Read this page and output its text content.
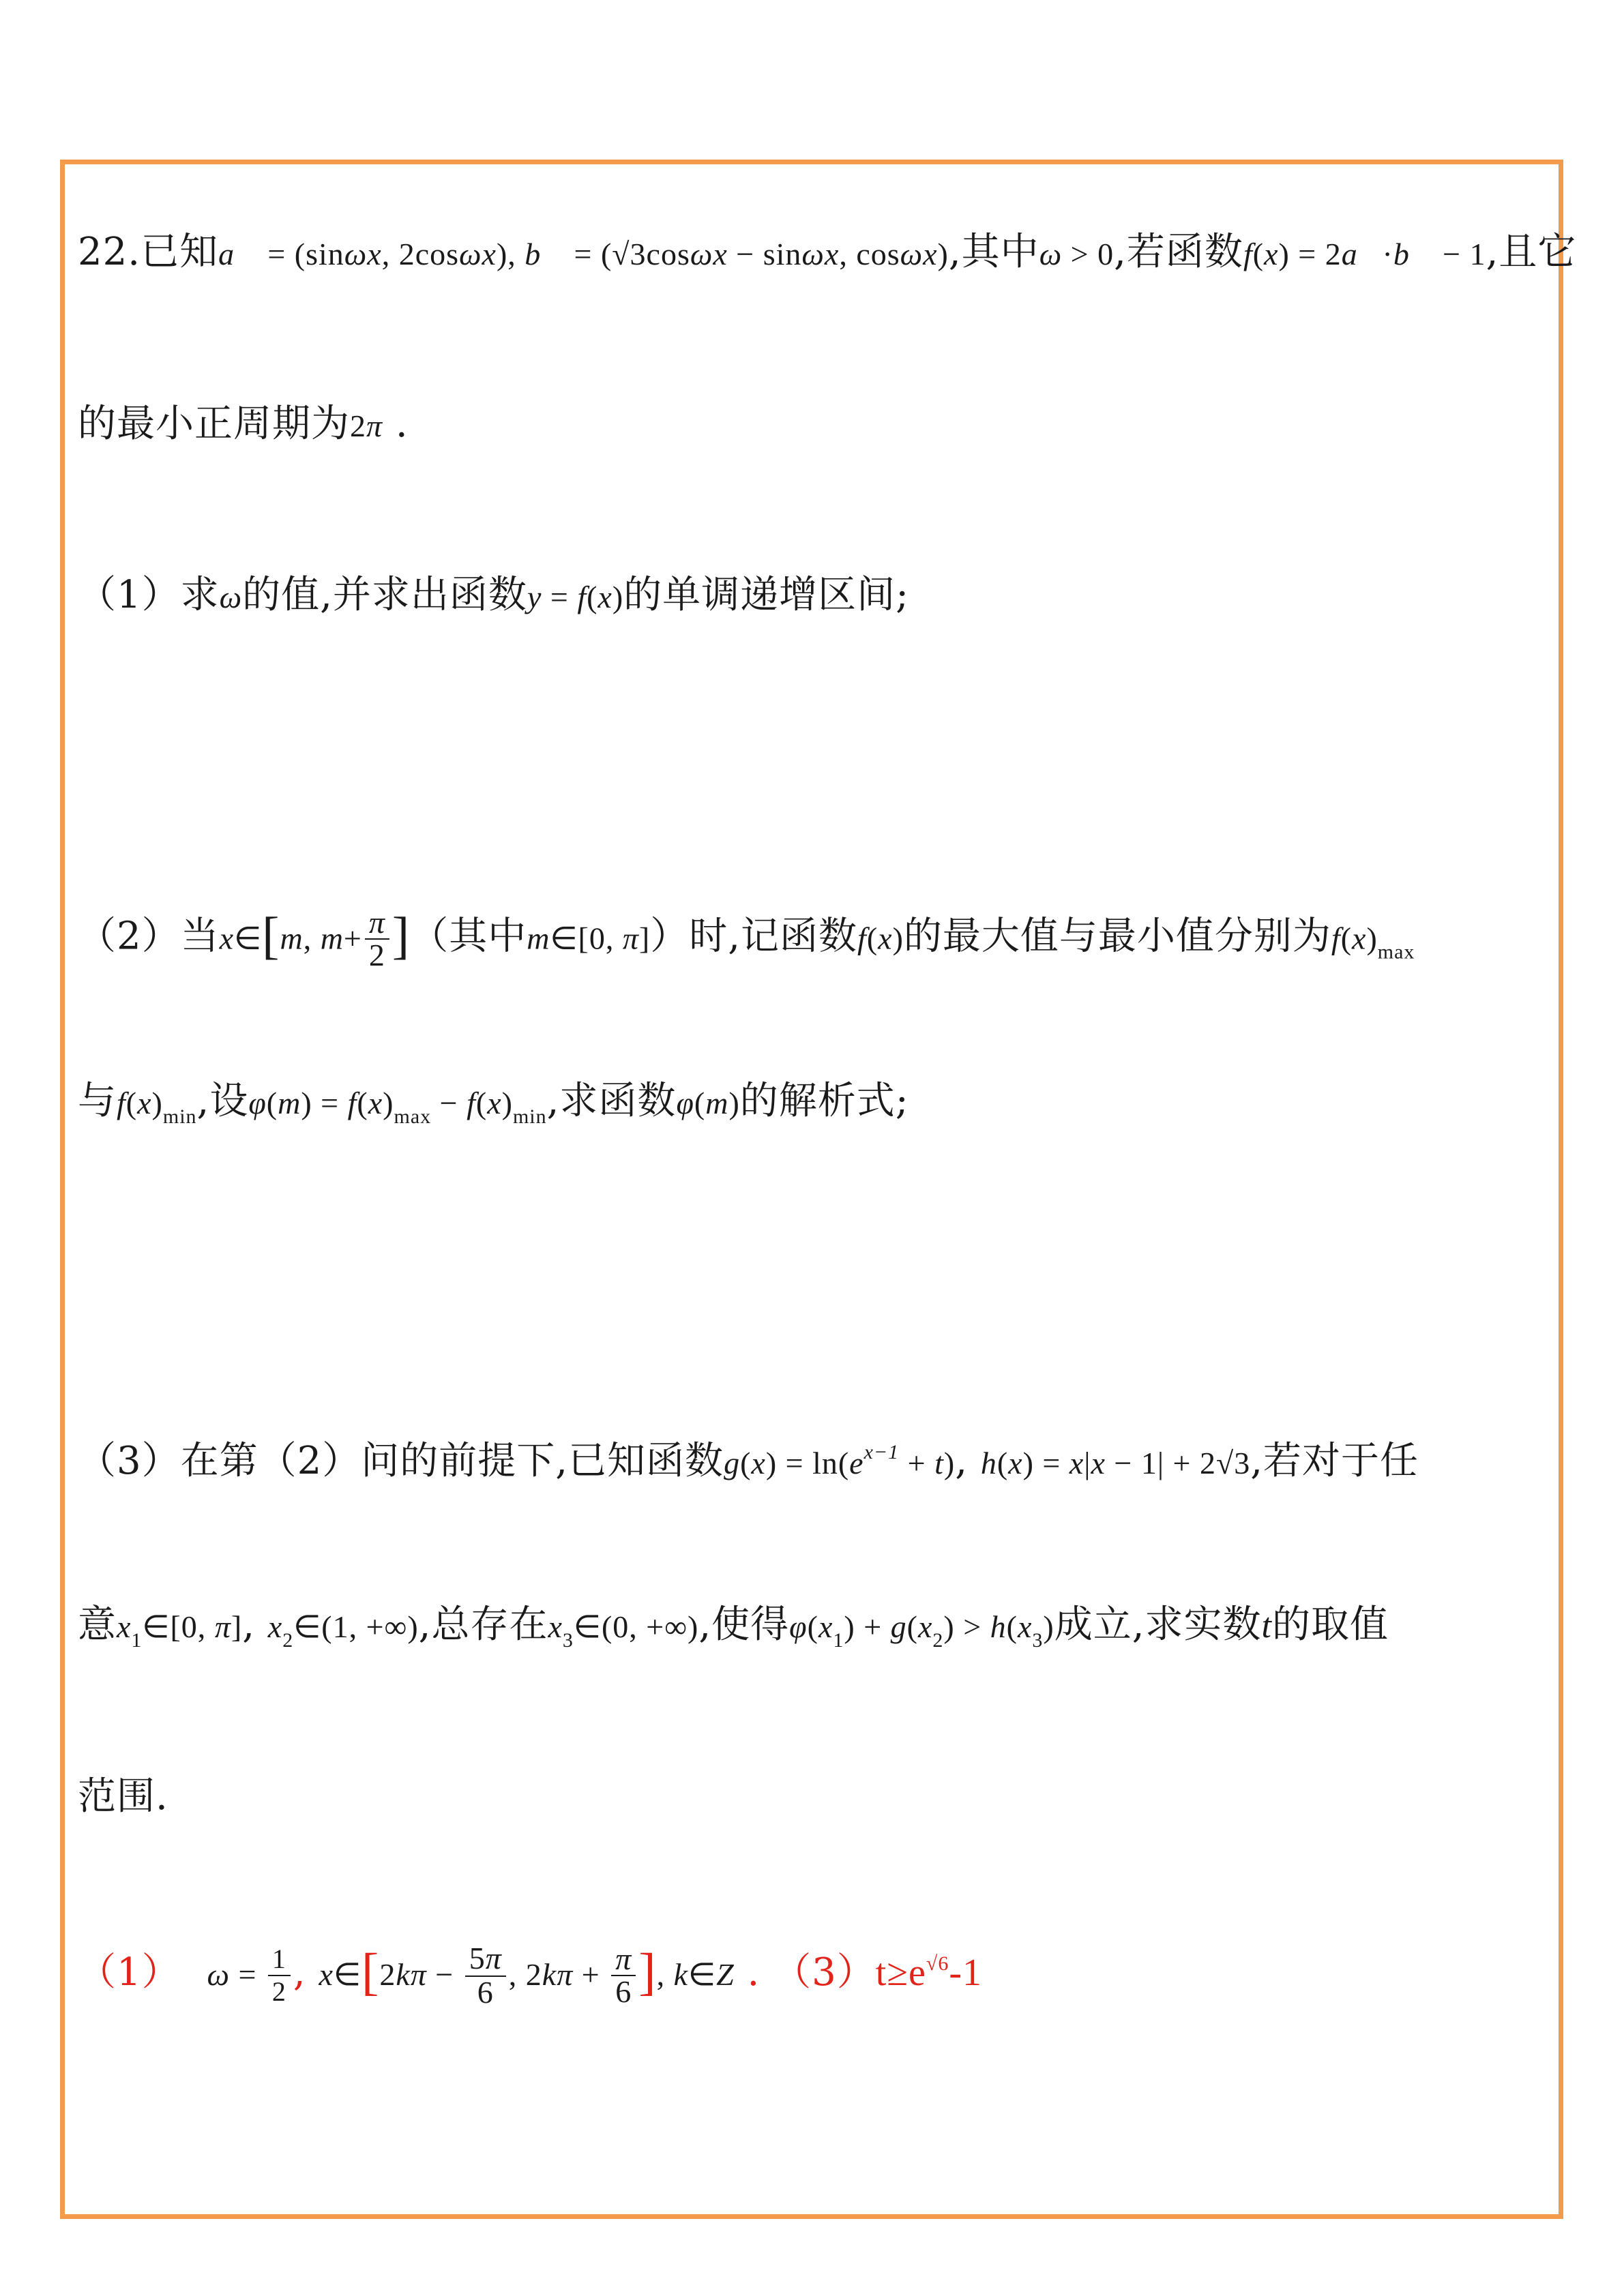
22.已知a⃗ = (sinωx, 2cosωx), b⃗ = (√3cosωx − sinωx, cosωx),其中ω > 0,若函数f(x) = 2a⃗·b⃗ − 1,且它
的最小正周期为2π .
（1）求ω的值,并求出函数y = f(x)的单调递增区间;
（2）当x∈[m, $m+ \frac{\pi}{2}$ ]（其中m∈[0, π]）时,记函数f(x)的最大值与最小值分别为$f(x)_{max}$
与$f(x)_{min}$,设$\varphi(m) = f(x)_{max} - f(x)_{min}$,求函数φ(m)的解析式;
（3）在第（2）问的前提下,已知函数$g(x) = \ln(e^{x-1} + t)$, h(x) = x|x − 1| + 2√3,若对于任
意$x_1\in[0$, π], $x_2\in(1$, +∞),总存在$x_3\in(0$, +∞),使得$\varphi(x_1) + g(x_2) > h(x_3)$成立,求实数t的取值
范围.
（1） $\omega = \frac{1}{2}$ , x∈[2kπ − $\frac{5\pi}{6}$ , $2k\pi + \frac{\pi}{6}$ ], k∈Z . $(3)t\ge e^{√6}-1$
